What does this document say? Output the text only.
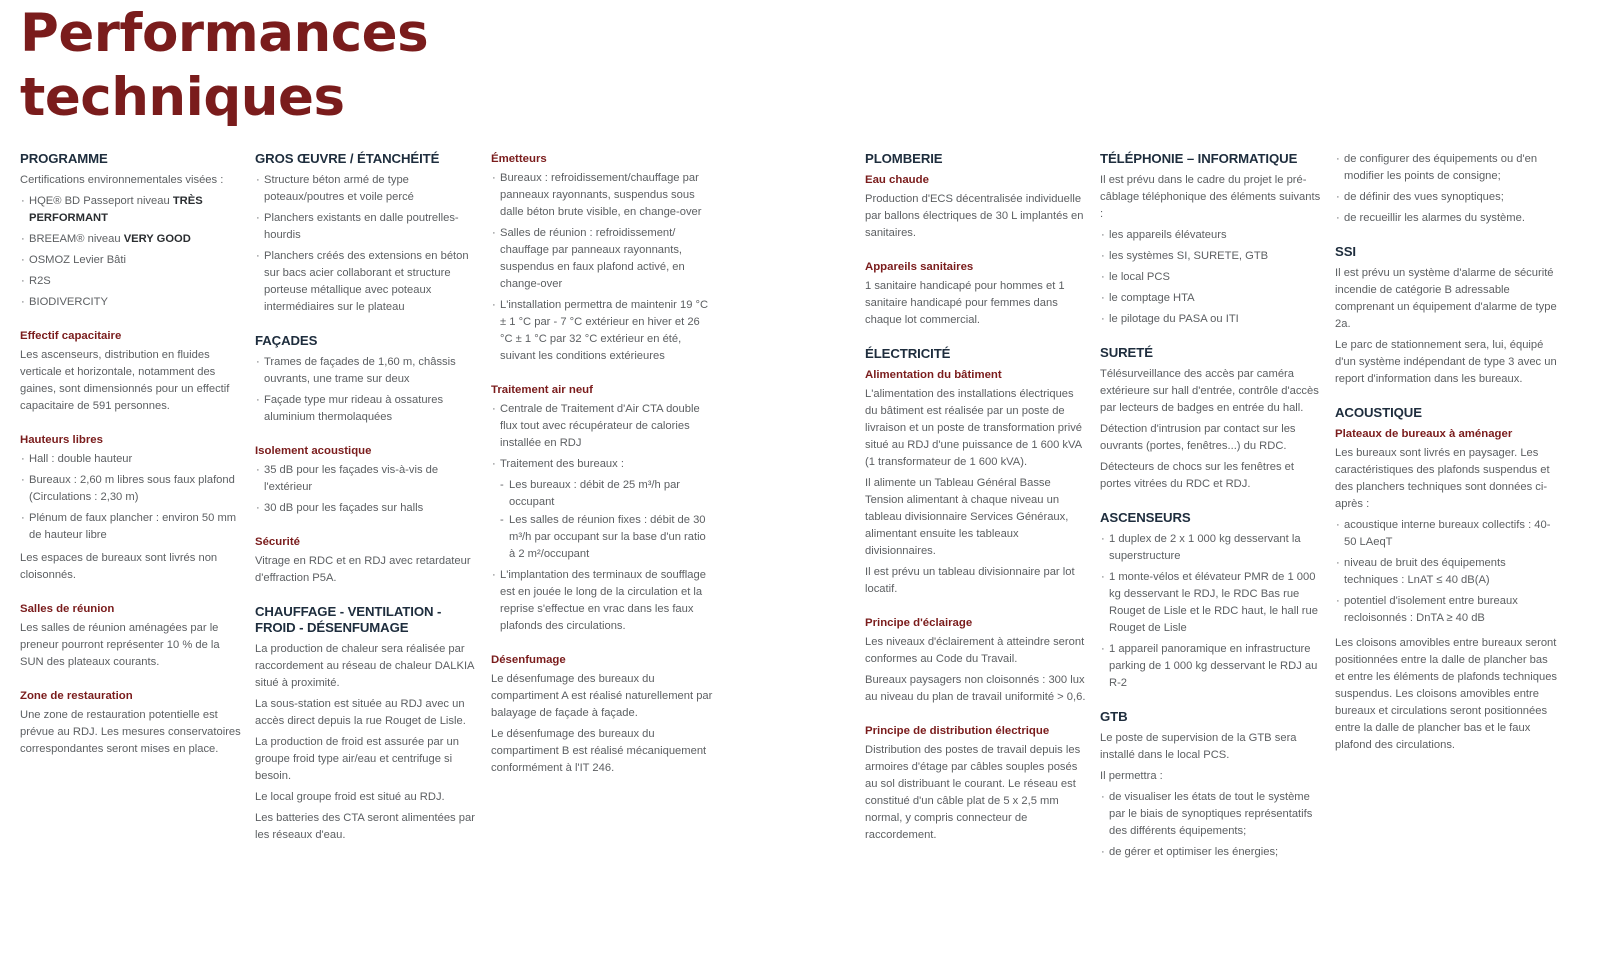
Performances
techniques
PROGRAMME
Certifications environnementales visées :
· HQE® BD Passeport niveau TRÈS PERFORMANT
· BREEAM® niveau VERY GOOD
· OSMOZ Levier Bâti
· R2S
· BIODIVERCITY
Effectif capacitaire
Les ascenseurs, distribution en fluides verticale et horizontale, notamment des gaines, sont dimensionnés pour un effectif capacitaire de 591 personnes.
Hauteurs libres
· Hall : double hauteur
· Bureaux : 2,60 m libres sous faux plafond (Circulations : 2,30 m)
· Plénum de faux plancher : environ 50 mm de hauteur libre
Les espaces de bureaux sont livrés non cloisonnés.
Salles de réunion
Les salles de réunion aménagées par le preneur pourront représenter 10 % de la SUN des plateaux courants.
Zone de restauration
Une zone de restauration potentielle est prévue au RDJ. Les mesures conservatoires correspondantes seront mises en place.
GROS ŒUVRE / ÉTANCHÉITÉ
· Structure béton armé de type poteaux/poutres et voile percé
· Planchers existants en dalle poutrelles-hourdis
· Planchers créés des extensions en béton sur bacs acier collaborant et structure porteuse métallique avec poteaux intermédiaires sur le plateau
FAÇADES
· Trames de façades de 1,60 m, châssis ouvrants, une trame sur deux
· Façade type mur rideau à ossatures aluminium thermolaquées
Isolement acoustique
· 35 dB pour les façades vis-à-vis de l'extérieur
· 30 dB pour les façades sur halls
Sécurité
Vitrage en RDC et en RDJ avec retardateur d'effraction P5A.
CHAUFFAGE - VENTILATION - FROID - DÉSENFUMAGE
La production de chaleur sera réalisée par raccordement au réseau de chaleur DALKIA situé à proximité.
La sous-station est située au RDJ avec un accès direct depuis la rue Rouget de Lisle.
La production de froid est assurée par un groupe froid type air/eau et centrifuge si besoin.
Le local groupe froid est situé au RDJ.
Les batteries des CTA seront alimentées par les réseaux d'eau.
Émetteurs
· Bureaux : refroidissement/chauffage par panneaux rayonnants, suspendus sous dalle béton brute visible, en change-over
· Salles de réunion : refroidissement/ chauffage par panneaux rayonnants, suspendus en faux plafond activé, en change-over
· L'installation permettra de maintenir 19 °C ± 1 °C par - 7 °C extérieur en hiver et 26 °C ± 1 °C par 32 °C extérieur en été, suivant les conditions extérieures
Traitement air neuf
· Centrale de Traitement d'Air CTA double flux tout avec récupérateur de calories installée en RDJ
· Traitement des bureaux :
- Les bureaux : débit de 25 m³/h par occupant
- Les salles de réunion fixes : débit de 30 m³/h par occupant sur la base d'un ratio à 2 m²/occupant
· L'implantation des terminaux de soufflage est en jouée le long de la circulation et la reprise s'effectue en vrac dans les faux plafonds des circulations.
Désenfumage
Le désenfumage des bureaux du compartiment A est réalisé naturellement par balayage de façade à façade.
Le désenfumage des bureaux du compartiment B est réalisé mécaniquement conformément à l'IT 246.
PLOMBERIE
Eau chaude
Production d'ECS décentralisée individuelle par ballons électriques de 30 L implantés en sanitaires.
Appareils sanitaires
1 sanitaire handicapé pour hommes et 1 sanitaire handicapé pour femmes dans chaque lot commercial.
ÉLECTRICITÉ
Alimentation du bâtiment
L'alimentation des installations électriques du bâtiment est réalisée par un poste de livraison et un poste de transformation privé situé au RDJ d'une puissance de 1 600 kVA (1 transformateur de 1 600 kVA).
Il alimente un Tableau Général Basse Tension alimentant à chaque niveau un tableau divisionnaire Services Généraux, alimentant ensuite les tableaux divisionnaires.
Il est prévu un tableau divisionnaire par lot locatif.
Principe d'éclairage
Les niveaux d'éclairement à atteindre seront conformes au Code du Travail.
Bureaux paysagers non cloisonnés : 300 lux au niveau du plan de travail uniformité > 0,6.
Principe de distribution électrique
Distribution des postes de travail depuis les armoires d'étage par câbles souples posés au sol distribuant le courant. Le réseau est constitué d'un câble plat de 5 x 2,5 mm normal, y compris connecteur de raccordement.
TÉLÉPHONIE – INFORMATIQUE
Il est prévu dans le cadre du projet le pré-câblage téléphonique des éléments suivants :
· les appareils élévateurs
· les systèmes SI, SURETE, GTB
· le local PCS
· le comptage HTA
· le pilotage du PASA ou ITI
SURETÉ
Télésurveillance des accès par caméra extérieure sur hall d'entrée, contrôle d'accès par lecteurs de badges en entrée du hall.
Détection d'intrusion par contact sur les ouvrants (portes, fenêtres...) du RDC.
Détecteurs de chocs sur les fenêtres et portes vitrées du RDC et RDJ.
ASCENSEURS
· 1 duplex de 2 x 1 000 kg desservant la superstructure
· 1 monte-vélos et élévateur PMR de 1 000 kg desservant le RDJ, le RDC Bas rue Rouget de Lisle et le RDC haut, le hall rue Rouget de Lisle
· 1 appareil panoramique en infrastructure parking de 1 000 kg desservant le RDJ au R-2
GTB
Le poste de supervision de la GTB sera installé dans le local PCS.
Il permettra :
· de visualiser les états de tout le système par le biais de synoptiques représentatifs des différents équipements;
· de gérer et optimiser les énergies;
· de configurer des équipements ou d'en modifier les points de consigne;
· de définir des vues synoptiques;
· de recueillir les alarmes du système.
SSI
Il est prévu un système d'alarme de sécurité incendie de catégorie B adressable comprenant un équipement d'alarme de type 2a.
Le parc de stationnement sera, lui, équipé d'un système indépendant de type 3 avec un report d'information dans les bureaux.
ACOUSTIQUE
Plateaux de bureaux à aménager
Les bureaux sont livrés en paysager. Les caractéristiques des plafonds suspendus et des planchers techniques sont données ci-après :
· acoustique interne bureaux collectifs : 40-50 LAeqT
· niveau de bruit des équipements techniques : LnAT ≤ 40 dB(A)
· potentiel d'isolement entre bureaux recloisonnés : DnTA ≥ 40 dB
Les cloisons amovibles entre bureaux seront positionnées entre la dalle de plancher bas et entre les éléments de plafonds techniques suspendus. Les cloisons amovibles entre bureaux et circulations seront positionnées entre la dalle de plancher bas et le faux plafond des circulations.
